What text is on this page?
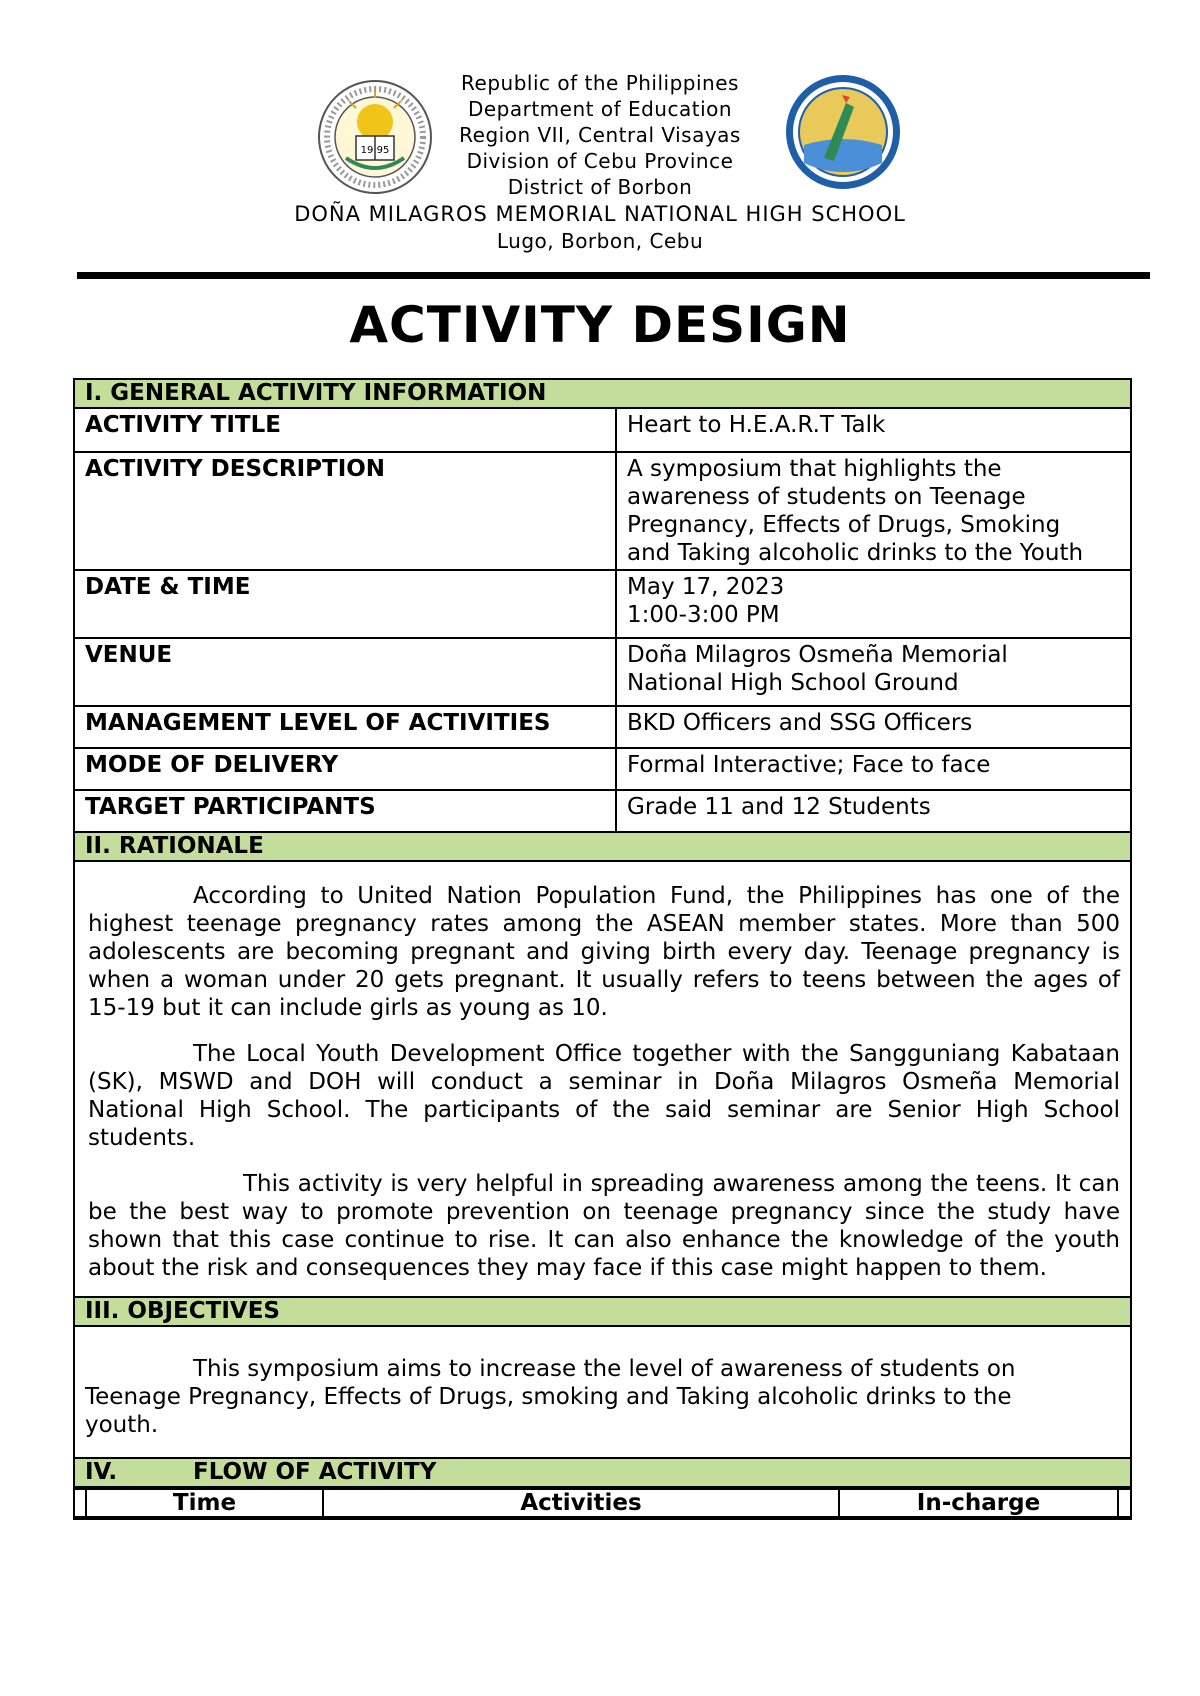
19 95
Republic of the Philippines
Department of Education
Region VII, Central Visayas
Division of Cebu Province
District of Borbon
DOÑA MILAGROS MEMORIAL NATIONAL HIGH SCHOOL
Lugo, Borbon, Cebu
ACTIVITY DESIGN
I. GENERAL ACTIVITY INFORMATION
ACTIVITY TITLE	Heart to H.E.A.R.T Talk

ACTIVITY DESCRIPTION	A symposium that highlights the
awareness of students on Teenage
Pregnancy, Effects of Drugs, Smoking
and Taking alcoholic drinks to the Youth

DATE & TIME	May 17, 2023
1:00-3:00 PM

VENUE	Doña Milagros Osmeña Memorial
National High School Ground

MANAGEMENT LEVEL OF ACTIVITIES	BKD Officers and SSG Officers

MODE OF DELIVERY	Formal Interactive; Face to face

TARGET PARTICIPANTS	Grade 11 and 12 Students

II. RATIONALE

According to United Nation Population Fund, the Philippines has one of the highest teenage pregnancy rates among the ASEAN member states. More than 500 adolescents are becoming pregnant and giving birth every day. Teenage pregnancy is when a woman under 20 gets pregnant. It usually refers to teens between the ages of 15-19 but it can include girls as young as 10.

The Local Youth Development Office together with the Sangguniang Kabataan (SK), MSWD and DOH will conduct a seminar in Doña Milagros Osmeña Memorial National High School. The participants of the said seminar are Senior High School students.

This activity is very helpful in spreading awareness among the teens. It can be the best way to promote prevention on teenage pregnancy since the study have shown that this case continue to rise. It can also enhance the knowledge of the youth about the risk and consequences they may face if this case might happen to them.

III. OBJECTIVES

This symposium aims to increase the level of awareness of students on Teenage Pregnancy, Effects of Drugs, smoking and Taking alcoholic drinks to the youth.

IV.	FLOW OF ACTIVITY

	Time	Activities	In-charge	
